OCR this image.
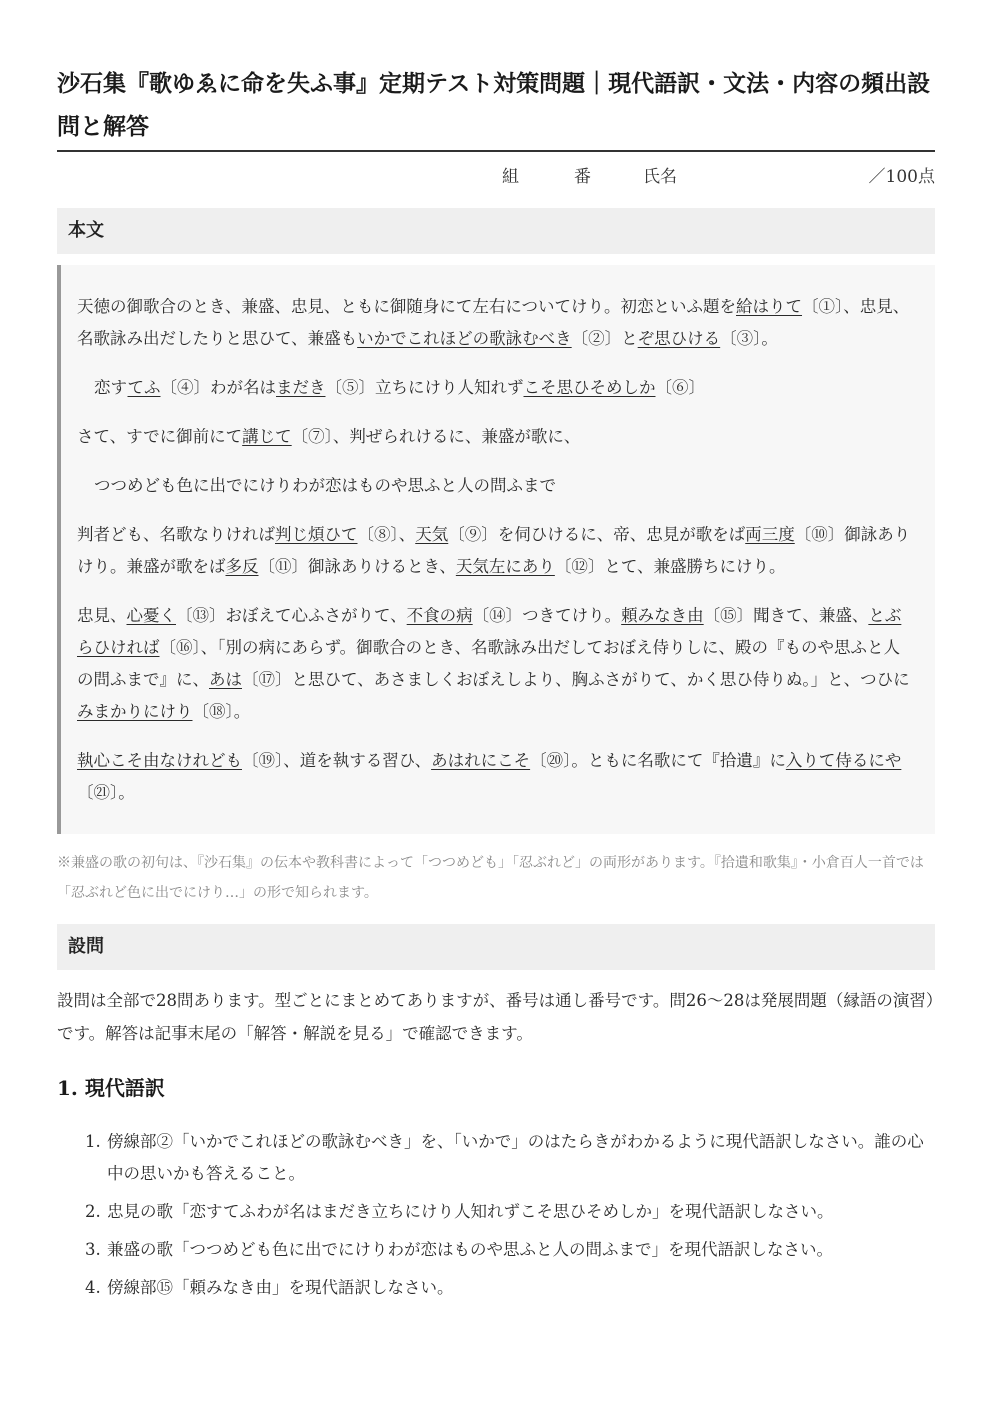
沙石集『歌ゆゑに命を失ふ事』定期テスト対策問題｜現代語訳・文法・内容の頻出設問と解答
組	番	氏名	／100点
本文

天徳の御歌合のとき、兼盛、忠見、ともに御随身にて左右についてけり。初恋といふ題を給はりて〔①〕、忠見、名歌詠み出だしたりと思ひて、兼盛もいかでこれほどの歌詠むべき〔②〕とぞ思ひける〔③〕。

恋すてふ〔④〕わが名はまだき〔⑤〕立ちにけり人知れずこそ思ひそめしか〔⑥〕

さて、すでに御前にて講じて〔⑦〕、判ぜられけるに、兼盛が歌に、

つつめども色に出でにけりわが恋はものや思ふと人の問ふまで

判者ども、名歌なりければ判じ煩ひて〔⑧〕、天気〔⑨〕を伺ひけるに、帝、忠見が歌をば両三度〔⑩〕御詠ありけり。兼盛が歌をば多反〔⑪〕御詠ありけるとき、天気左にあり〔⑫〕とて、兼盛勝ちにけり。

忠見、心憂く〔⑬〕おぼえて心ふさがりて、不食の病〔⑭〕つきてけり。頼みなき由〔⑮〕聞きて、兼盛、とぶらひければ〔⑯〕、「別の病にあらず。御歌合のとき、名歌詠み出だしておぼえ侍りしに、殿の『ものや思ふと人の問ふまで』に、あは〔⑰〕と思ひて、あさましくおぼえしより、胸ふさがりて、かく思ひ侍りぬ。」と、つひにみまかりにけり〔⑱〕。

執心こそ由なけれども〔⑲〕、道を執する習ひ、あはれにこそ〔⑳〕。ともに名歌にて『拾遺』に入りて侍るにや〔㉑〕。

※兼盛の歌の初句は、『沙石集』の伝本や教科書によって「つつめども」「忍ぶれど」の両形があります。『拾遺和歌集』・小倉百人一首では「忍ぶれど色に出でにけり…」の形で知られます。

設問

設問は全部で28問あります。型ごとにまとめてありますが、番号は通し番号です。問26〜28は発展問題（縁語の演習）です。解答は記事末尾の「解答・解説を見る」で確認できます。

1. 現代語訳
1. 傍線部②「いかでこれほどの歌詠むべき」を、「いかで」のはたらきがわかるように現代語訳しなさい。誰の心中の思いかも答えること。
2. 忠見の歌「恋すてふわが名はまだき立ちにけり人知れずこそ思ひそめしか」を現代語訳しなさい。
3. 兼盛の歌「つつめども色に出でにけりわが恋はものや思ふと人の問ふまで」を現代語訳しなさい。
4. 傍線部⑮「頼みなき由」を現代語訳しなさい。
